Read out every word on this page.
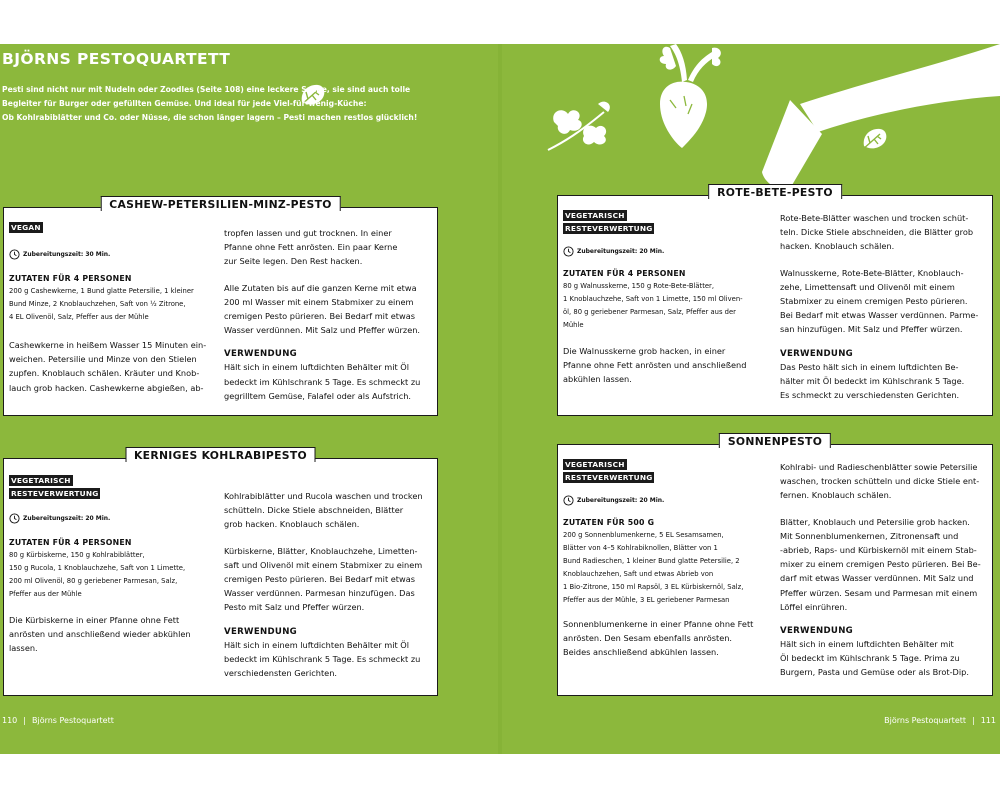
BJÖRNS PESTOQUARTETT

Pesti sind nicht nur mit Nudeln oder Zoodles (Seite 108) eine leckere Sache, sie sind auch tolle
Begleiter für Burger oder gefüllten Gemüse. Und ideal für jede Viel-für-wenig-Küche:
Ob Kohlrabiblätter und Co. oder Nüsse, die schon länger lagern – Pesti machen restlos glücklich!

CASHEW-PETERSILIEN-MINZ-PESTO
VEGAN
Zubereitungszeit: 30 Min.
ZUTATEN FÜR 4 PERSONEN
200 g Cashewkerne, 1 Bund glatte Petersilie, 1 kleiner
Bund Minze, 2 Knoblauchzehen, Saft von ½ Zitrone,
4 EL Olivenöl, Salz, Pfeffer aus der Mühle

Cashewkerne in heißem Wasser 15 Minuten ein-
weichen. Petersilie und Minze von den Stielen
zupfen. Knoblauch schälen. Kräuter und Knob-
lauch grob hacken. Cashewkerne abgießen, ab-

tropfen lassen und gut trocknen. In einer
Pfanne ohne Fett anrösten. Ein paar Kerne
zur Seite legen. Den Rest hacken.

Alle Zutaten bis auf die ganzen Kerne mit etwa
200 ml Wasser mit einem Stabmixer zu einem
cremigen Pesto pürieren. Bei Bedarf mit etwas
Wasser verdünnen. Mit Salz und Pfeffer würzen.

VERWENDUNG

Hält sich in einem luftdichten Behälter mit Öl
bedeckt im Kühlschrank 5 Tage. Es schmeckt zu
gegrilltem Gemüse, Falafel oder als Aufstrich.

KERNIGES KOHLRABIPESTO
VEGETARISCH
RESTEVERWERTUNG
Zubereitungszeit: 20 Min.
ZUTATEN FÜR 4 PERSONEN
80 g Kürbiskerne, 150 g Kohlrabiblätter,
150 g Rucola, 1 Knoblauchzehe, Saft von 1 Limette,
200 ml Olivenöl, 80 g geriebener Parmesan, Salz,
Pfeffer aus der Mühle

Die Kürbiskerne in einer Pfanne ohne Fett
anrösten und anschließend wieder abkühlen
lassen.

Kohlrabiblätter und Rucola waschen und trocken
schütteln. Dicke Stiele abschneiden, Blätter
grob hacken. Knoblauch schälen.

Kürbiskerne, Blätter, Knoblauchzehe, Limetten-
saft und Olivenöl mit einem Stabmixer zu einem
cremigen Pesto pürieren. Bei Bedarf mit etwas
Wasser verdünnen. Parmesan hinzufügen. Das
Pesto mit Salz und Pfeffer würzen.

VERWENDUNG

Hält sich in einem luftdichten Behälter mit Öl
bedeckt im Kühlschrank 5 Tage. Es schmeckt zu
verschiedensten Gerichten.

ROTE-BETE-PESTO
VEGETARISCH
RESTEVERWERTUNG
Zubereitungszeit: 20 Min.
ZUTATEN FÜR 4 PERSONEN
80 g Walnusskerne, 150 g Rote-Bete-Blätter,
1 Knoblauchzehe, Saft von 1 Limette, 150 ml Oliven-
öl, 80 g geriebener Parmesan, Salz, Pfeffer aus der
Mühle

Die Walnusskerne grob hacken, in einer
Pfanne ohne Fett anrösten und anschließend
abkühlen lassen.

Rote-Bete-Blätter waschen und trocken schüt-
teln. Dicke Stiele abschneiden, die Blätter grob
hacken. Knoblauch schälen.

Walnusskerne, Rote-Bete-Blätter, Knoblauch-
zehe, Limettensaft und Olivenöl mit einem
Stabmixer zu einem cremigen Pesto pürieren.
Bei Bedarf mit etwas Wasser verdünnen. Parme-
san hinzufügen. Mit Salz und Pfeffer würzen.

VERWENDUNG

Das Pesto hält sich in einem luftdichten Be-
hälter mit Öl bedeckt im Kühlschrank 5 Tage.
Es schmeckt zu verschiedensten Gerichten.

SONNENPESTO
VEGETARISCH
RESTEVERWERTUNG
Zubereitungszeit: 20 Min.
ZUTATEN FÜR 500 G
200 g Sonnenblumenkerne, 5 EL Sesamsamen,
Blätter von 4–5 Kohlrabiknollen, Blätter von 1
Bund Radieschen, 1 kleiner Bund glatte Petersilie, 2
Knoblauchzehen, Saft und etwas Abrieb von
1 Bio-Zitrone, 150 ml Rapsöl, 3 EL Kürbiskernöl, Salz,
Pfeffer aus der Mühle, 3 EL geriebener Parmesan

Sonnenblumenkerne in einer Pfanne ohne Fett
anrösten. Den Sesam ebenfalls anrösten.
Beides anschließend abkühlen lassen.

Kohlrabi- und Radieschenblätter sowie Petersilie
waschen, trocken schütteln und dicke Stiele ent-
fernen. Knoblauch schälen.

Blätter, Knoblauch und Petersilie grob hacken.
Mit Sonnenblumenkernen, Zitronensaft und
-abrieb, Raps- und Kürbiskernöl mit einem Stab-
mixer zu einem cremigen Pesto pürieren. Bei Be-
darf mit etwas Wasser verdünnen. Mit Salz und
Pfeffer würzen. Sesam und Parmesan mit einem
Löffel einrühren.

VERWENDUNG

Hält sich in einem luftdichten Behälter mit
Öl bedeckt im Kühlschrank 5 Tage. Prima zu
Burgern, Pasta und Gemüse oder als Brot-Dip.

110 | Björns Pestoquartett	Björns Pestoquartett | 111
